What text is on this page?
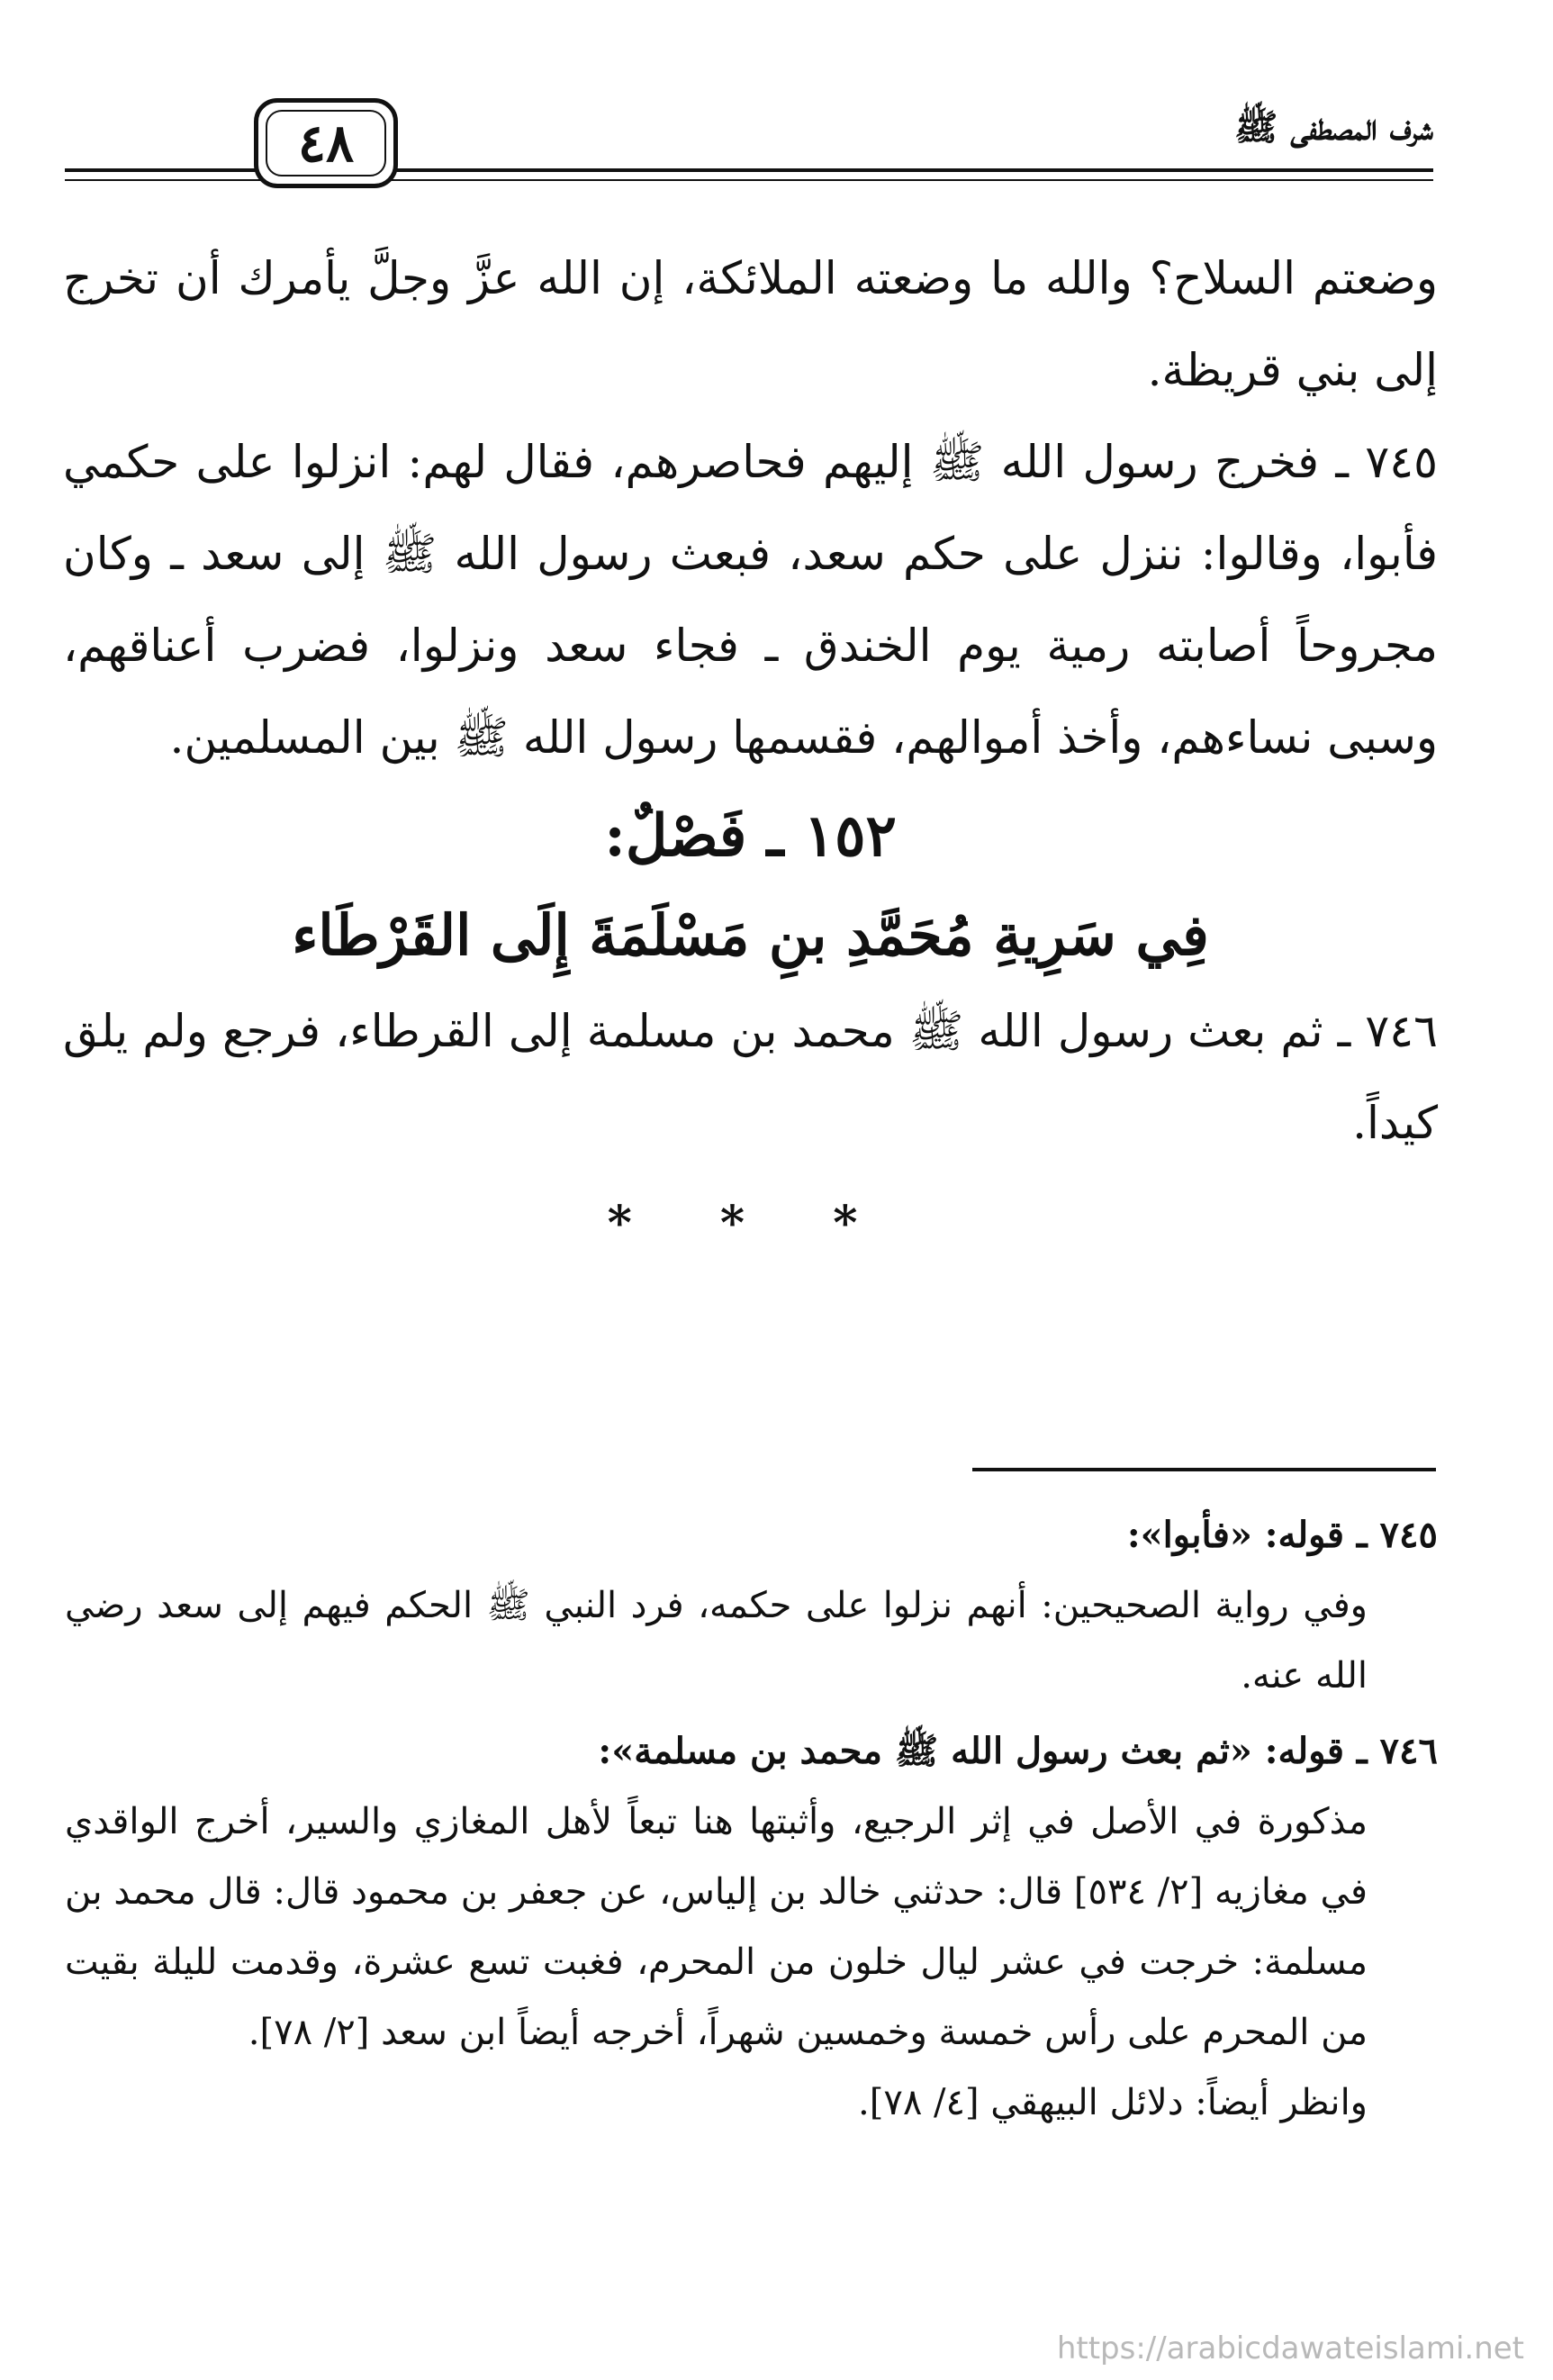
شرف المصطفى ﷺ
٤٨

وضعتم السلاح؟ والله ما وضعته الملائكة، إن الله عزَّ وجلَّ يأمرك أن تخرج إلى بني قريظة.

٧٤٥ ـ فخرج رسول الله ﷺ إليهم فحاصرهم، فقال لهم: انزلوا على حكمي فأبوا، وقالوا: ننزل على حكم سعد، فبعث رسول الله ﷺ إلى سعد ـ وكان مجروحاً أصابته رمية يوم الخندق ـ فجاء سعد ونزلوا، فضرب أعناقهم، وسبى نساءهم، وأخذ أموالهم، فقسمها رسول الله ﷺ بين المسلمين.

١٥٢ ـ فَصْلٌ:
فِي سَرِيةِ مُحَمَّدِ بنِ مَسْلَمَةَ إِلَى القَرْطَاء

٧٤٦ ـ ثم بعث رسول الله ﷺ محمد بن مسلمة إلى القرطاء، فرجع ولم يلق كيداً.

* * *

٧٤٥ ـ قوله: «فأبوا»:

وفي رواية الصحيحين: أنهم نزلوا على حكمه، فرد النبي ﷺ الحكم فيهم إلى سعد رضي الله عنه.

٧٤٦ ـ قوله: «ثم بعث رسول الله ﷺ محمد بن مسلمة»:

مذكورة في الأصل في إثر الرجيع، وأثبتها هنا تبعاً لأهل المغازي والسير، أخرج الواقدي في مغازيه [٢/ ٥٣٤] قال: حدثني خالد بن إلياس، عن جعفر بن محمود قال: قال محمد بن مسلمة: خرجت في عشر ليال خلون من المحرم، فغبت تسع عشرة، وقدمت لليلة بقيت من المحرم على رأس خمسة وخمسين شهراً، أخرجه أيضاً ابن سعد [٢/ ٧٨].

وانظر أيضاً: دلائل البيهقي [٤/ ٧٨].

https://arabicdawateislami.net
